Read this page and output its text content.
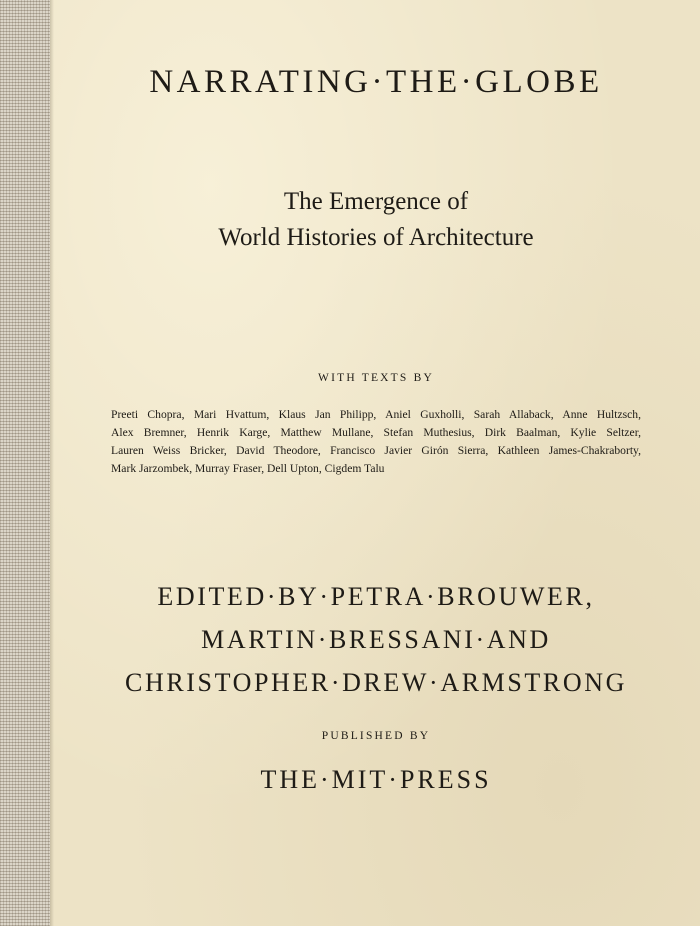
NARRATING·THE·GLOBE
The Emergence of
World Histories of Architecture
WITH TEXTS BY
Preeti Chopra, Mari Hvattum, Klaus Jan Philipp, Aniel Guxholli, Sarah Allaback, Anne Hultzsch,
Alex Bremner, Henrik Karge, Matthew Mullane, Stefan Muthesius, Dirk Baalman, Kylie Seltzer,
Lauren Weiss Bricker, David Theodore, Francisco Javier Girón Sierra, Kathleen James-Chakraborty,
Mark Jarzombek, Murray Fraser, Dell Upton, Cigdem Talu
EDITED·BY·PETRA·BROUWER,
MARTIN·BRESSANI·AND
CHRISTOPHER·DREW·ARMSTRONG
PUBLISHED BY
THE·MIT·PRESS
